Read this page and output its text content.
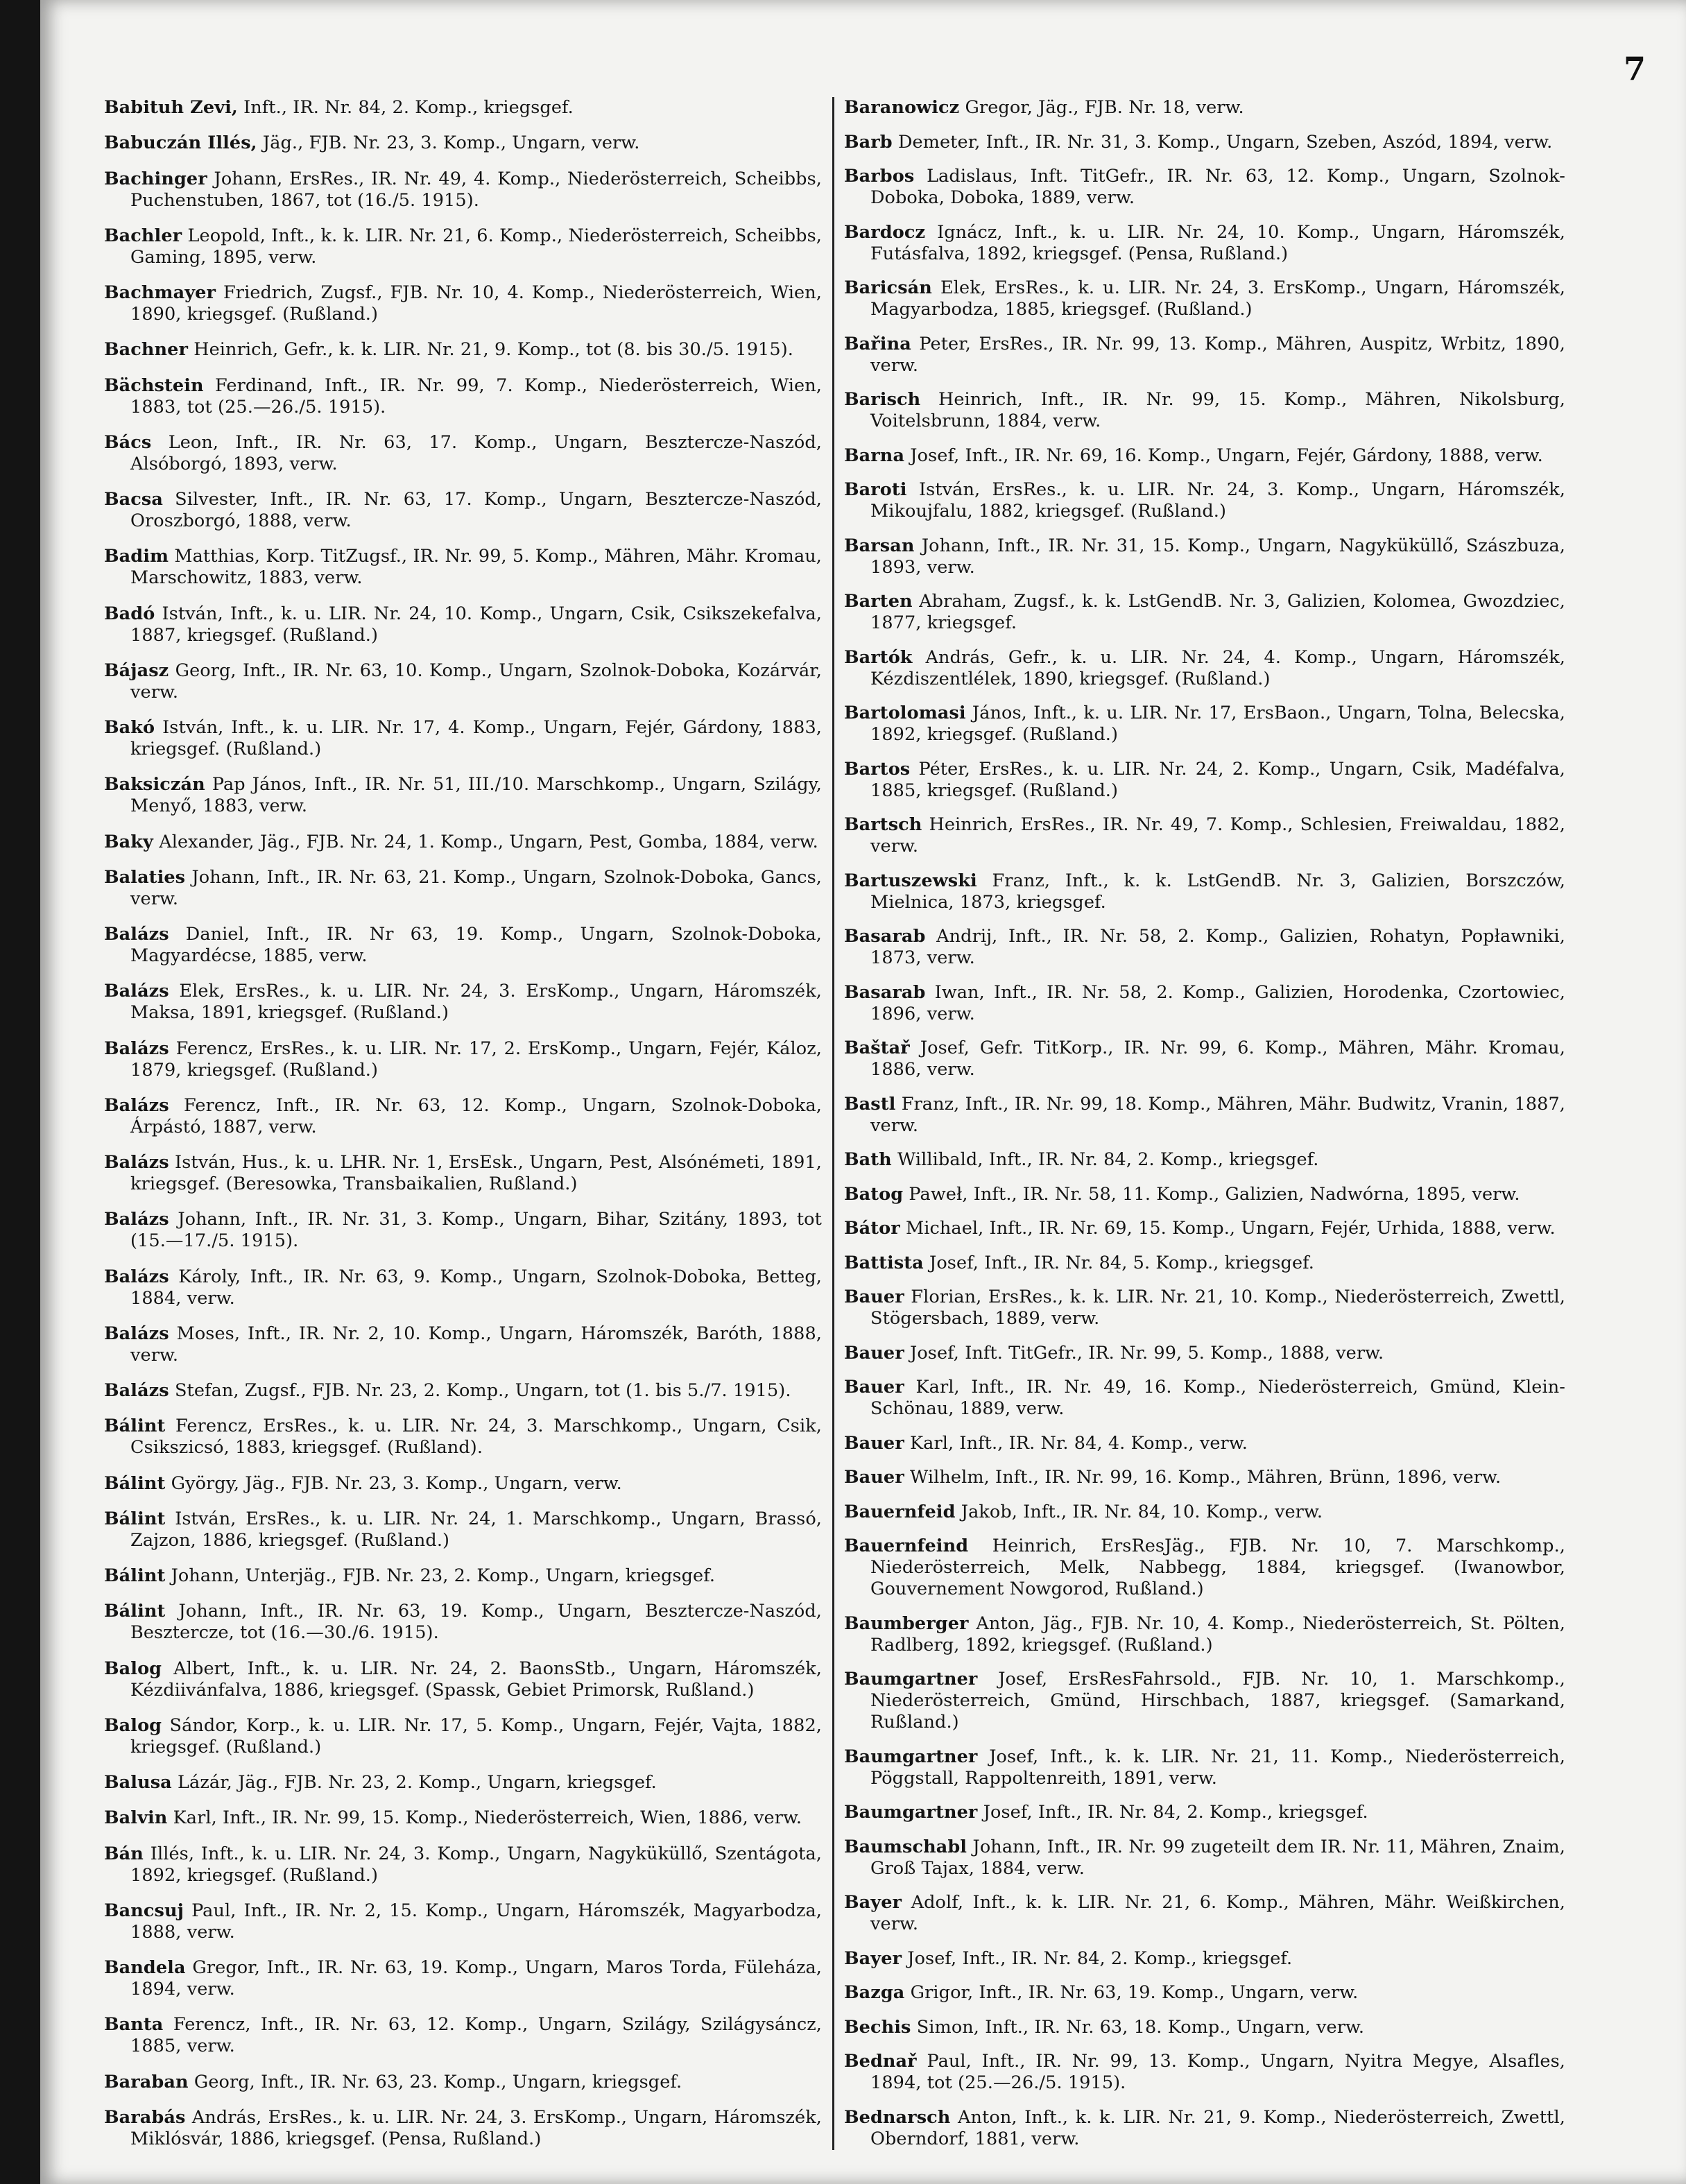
7
Babituh Zevi, Inft., IR. Nr. 84, 2. Komp., kriegsgef.
Babuczán Illés, Jäg., FJB. Nr. 23, 3. Komp., Ungarn, verw.
Bachinger Johann, ErsRes., IR. Nr. 49, 4. Komp., Niederösterreich, Scheibbs, Puchenstuben, 1867, tot (16./5. 1915).
Bachler Leopold, Inft., k. k. LIR. Nr. 21, 6. Komp., Niederösterreich, Scheibbs, Gaming, 1895, verw.
Bachmayer Friedrich, Zugsf., FJB. Nr. 10, 4. Komp., Niederösterreich, Wien, 1890, kriegsgef. (Rußland.)
Bachner Heinrich, Gefr., k. k. LIR. Nr. 21, 9. Komp., tot (8. bis 30./5. 1915).
Bächstein Ferdinand, Inft., IR. Nr. 99, 7. Komp., Niederösterreich, Wien, 1883, tot (25.—26./5. 1915).
Bács Leon, Inft., IR. Nr. 63, 17. Komp., Ungarn, Beszterczе-Naszód, Alsóborgó, 1893, verw.
Bacsa Silvester, Inft., IR. Nr. 63, 17. Komp., Ungarn, Beszterczе-Naszód, Oroszborgó, 1888, verw.
Badim Matthias, Korp. TitZugsf., IR. Nr. 99, 5. Komp., Mähren, Mähr. Kromau, Marschowitz, 1883, verw.
Badó István, Inft., k. u. LIR. Nr. 24, 10. Komp., Ungarn, Csik, Csikszekefalva, 1887, kriegsgef. (Rußland.)
Bájasz Georg, Inft., IR. Nr. 63, 10. Komp., Ungarn, Szolnok-Doboka, Kozárvár, verw.
Bakó István, Inft., k. u. LIR. Nr. 17, 4. Komp., Ungarn, Fejér, Gárdony, 1883, kriegsgef. (Rußland.)
Baksiczán Pap János, Inft., IR. Nr. 51, III./10. Marschkomp., Ungarn, Szilágy, Menyő, 1883, verw.
Baky Alexander, Jäg., FJB. Nr. 24, 1. Komp., Ungarn, Pest, Gomba, 1884, verw.
Balaties Johann, Inft., IR. Nr. 63, 21. Komp., Ungarn, Szolnok-Doboka, Gancs, verw.
Balázs Daniel, Inft., IR. Nr 63, 19. Komp., Ungarn, Szolnok-Doboka, Magyardécse, 1885, verw.
Balázs Elek, ErsRes., k. u. LIR. Nr. 24, 3. ErsKomp., Ungarn, Háromszék, Maksa, 1891, kriegsgef. (Rußland.)
Balázs Ferencz, ErsRes., k. u. LIR. Nr. 17, 2. ErsKomp., Ungarn, Fejér, Káloz, 1879, kriegsgef. (Rußland.)
Balázs Ferencz, Inft., IR. Nr. 63, 12. Komp., Ungarn, Szolnok-Doboka, Árpástó, 1887, verw.
Balázs István, Hus., k. u. LHR. Nr. 1, ErsEsk., Ungarn, Pest, Alsónémeti, 1891, kriegsgef. (Beresowka, Transbaikalien, Rußland.)
Balázs Johann, Inft., IR. Nr. 31, 3. Komp., Ungarn, Bihar, Szitány, 1893, tot (15.—17./5. 1915).
Balázs Károly, Inft., IR. Nr. 63, 9. Komp., Ungarn, Szolnok-Doboka, Betteg, 1884, verw.
Balázs Moses, Inft., IR. Nr. 2, 10. Komp., Ungarn, Háromszék, Baróth, 1888, verw.
Balázs Stefan, Zugsf., FJB. Nr. 23, 2. Komp., Ungarn, tot (1. bis 5./7. 1915).
Bálint Ferencz, ErsRes., k. u. LIR. Nr. 24, 3. Marschkomp., Ungarn, Csik, Csikszicsó, 1883, kriegsgef. (Rußland).
Bálint György, Jäg., FJB. Nr. 23, 3. Komp., Ungarn, verw.
Bálint István, ErsRes., k. u. LIR. Nr. 24, 1. Marschkomp., Ungarn, Brassó, Zajzon, 1886, kriegsgef. (Rußland.)
Bálint Johann, Unterjäg., FJB. Nr. 23, 2. Komp., Ungarn, kriegsgef.
Bálint Johann, Inft., IR. Nr. 63, 19. Komp., Ungarn, Beszterczе-Naszód, Beszterczе, tot (16.—30./6. 1915).
Balog Albert, Inft., k. u. LIR. Nr. 24, 2. BaonsStb., Ungarn, Háromszék, Kézdiivánfalva, 1886, kriegsgef. (Spassk, Gebiet Primorsk, Rußland.)
Balog Sándor, Korp., k. u. LIR. Nr. 17, 5. Komp., Ungarn, Fejér, Vajta, 1882, kriegsgef. (Rußland.)
Balusa Lázár, Jäg., FJB. Nr. 23, 2. Komp., Ungarn, kriegsgef.
Balvin Karl, Inft., IR. Nr. 99, 15. Komp., Niederösterreich, Wien, 1886, verw.
Bán Illés, Inft., k. u. LIR. Nr. 24, 3. Komp., Ungarn, Nagyküküllő, Szentágota, 1892, kriegsgef. (Rußland.)
Bancsuj Paul, Inft., IR. Nr. 2, 15. Komp., Ungarn, Háromszék, Magyarbodza, 1888, verw.
Bandela Gregor, Inft., IR. Nr. 63, 19. Komp., Ungarn, Maros Torda, Füleháza, 1894, verw.
Banta Ferencz, Inft., IR. Nr. 63, 12. Komp., Ungarn, Szilágy, Szilágysáncz, 1885, verw.
Baraban Georg, Inft., IR. Nr. 63, 23. Komp., Ungarn, kriegsgef.
Barabás András, ErsRes., k. u. LIR. Nr. 24, 3. ErsKomp., Ungarn, Háromszék, Miklósvár, 1886, kriegsgef. (Pensa, Rußland.)
Baranowicz Gregor, Jäg., FJB. Nr. 18, verw.
Barb Demeter, Inft., IR. Nr. 31, 3. Komp., Ungarn, Szeben, Aszód, 1894, verw.
Barbos Ladislaus, Inft. TitGefr., IR. Nr. 63, 12. Komp., Ungarn, Szolnok-Doboka, Doboka, 1889, verw.
Bardocz Ignácz, Inft., k. u. LIR. Nr. 24, 10. Komp., Ungarn, Háromszék, Futásfalva, 1892, kriegsgef. (Pensa, Rußland.)
Baricsán Elek, ErsRes., k. u. LIR. Nr. 24, 3. ErsKomp., Ungarn, Háromszék, Magyarbodza, 1885, kriegsgef. (Rußland.)
Bařina Peter, ErsRes., IR. Nr. 99, 13. Komp., Mähren, Auspitz, Wrbitz, 1890, verw.
Barisch Heinrich, Inft., IR. Nr. 99, 15. Komp., Mähren, Nikolsburg, Voitelsbrunn, 1884, verw.
Barna Josef, Inft., IR. Nr. 69, 16. Komp., Ungarn, Fejér, Gárdony, 1888, verw.
Baroti István, ErsRes., k. u. LIR. Nr. 24, 3. Komp., Ungarn, Háromszék, Mikoujfalu, 1882, kriegsgef. (Rußland.)
Barsan Johann, Inft., IR. Nr. 31, 15. Komp., Ungarn, Nagyküküllő, Szászbuza, 1893, verw.
Barten Abraham, Zugsf., k. k. LstGendB. Nr. 3, Galizien, Kolomea, Gwozdziec, 1877, kriegsgef.
Bartók András, Gefr., k. u. LIR. Nr. 24, 4. Komp., Ungarn, Háromszék, Kézdiszentlélek, 1890, kriegsgef. (Rußland.)
Bartolomasi János, Inft., k. u. LIR. Nr. 17, ErsBaon., Ungarn, Tolna, Belecska, 1892, kriegsgef. (Rußland.)
Bartos Péter, ErsRes., k. u. LIR. Nr. 24, 2. Komp., Ungarn, Csik, Madéfalva, 1885, kriegsgef. (Rußland.)
Bartsch Heinrich, ErsRes., IR. Nr. 49, 7. Komp., Schlesien, Freiwaldau, 1882, verw.
Bartuszewski Franz, Inft., k. k. LstGendB. Nr. 3, Galizien, Borszczów, Mielnica, 1873, kriegsgef.
Basarab Andrij, Inft., IR. Nr. 58, 2. Komp., Galizien, Rohatyn, Popławniki, 1873, verw.
Basarab Iwan, Inft., IR. Nr. 58, 2. Komp., Galizien, Horodenka, Czortowiec, 1896, verw.
Baštař Josef, Gefr. TitKorp., IR. Nr. 99, 6. Komp., Mähren, Mähr. Kromau, 1886, verw.
Bastl Franz, Inft., IR. Nr. 99, 18. Komp., Mähren, Mähr. Budwitz, Vranin, 1887, verw.
Bath Willibald, Inft., IR. Nr. 84, 2. Komp., kriegsgef.
Batog Paweł, Inft., IR. Nr. 58, 11. Komp., Galizien, Nadwórna, 1895, verw.
Bátor Michael, Inft., IR. Nr. 69, 15. Komp., Ungarn, Fejér, Urhida, 1888, verw.
Battista Josef, Inft., IR. Nr. 84, 5. Komp., kriegsgef.
Bauer Florian, ErsRes., k. k. LIR. Nr. 21, 10. Komp., Niederösterreich, Zwettl, Stögersbach, 1889, verw.
Bauer Josef, Inft. TitGefr., IR. Nr. 99, 5. Komp., 1888, verw.
Bauer Karl, Inft., IR. Nr. 49, 16. Komp., Niederösterreich, Gmünd, Klein-Schönau, 1889, verw.
Bauer Karl, Inft., IR. Nr. 84, 4. Komp., verw.
Bauer Wilhelm, Inft., IR. Nr. 99, 16. Komp., Mähren, Brünn, 1896, verw.
Bauernfeid Jakob, Inft., IR. Nr. 84, 10. Komp., verw.
Bauernfeind Heinrich, ErsResJäg., FJB. Nr. 10, 7. Marschkomp., Niederösterreich, Melk, Nabbegg, 1884, kriegsgef. (Iwanowbor, Gouvernement Nowgorod, Rußland.)
Baumberger Anton, Jäg., FJB. Nr. 10, 4. Komp., Niederösterreich, St. Pölten, Radlberg, 1892, kriegsgef. (Rußland.)
Baumgartner Josef, ErsResFahrsold., FJB. Nr. 10, 1. Marschkomp., Niederösterreich, Gmünd, Hirschbach, 1887, kriegsgef. (Samarkand, Rußland.)
Baumgartner Josef, Inft., k. k. LIR. Nr. 21, 11. Komp., Niederösterreich, Pöggstall, Rappoltenreith, 1891, verw.
Baumgartner Josef, Inft., IR. Nr. 84, 2. Komp., kriegsgef.
Baumschabl Johann, Inft., IR. Nr. 99 zugeteilt dem IR. Nr. 11, Mähren, Znaim, Groß Tajax, 1884, verw.
Bayer Adolf, Inft., k. k. LIR. Nr. 21, 6. Komp., Mähren, Mähr. Weißkirchen, verw.
Bayer Josef, Inft., IR. Nr. 84, 2. Komp., kriegsgef.
Bazga Grigor, Inft., IR. Nr. 63, 19. Komp., Ungarn, verw.
Bechis Simon, Inft., IR. Nr. 63, 18. Komp., Ungarn, verw.
Bednař Paul, Inft., IR. Nr. 99, 13. Komp., Ungarn, Nyitra Megye, Alsafles, 1894, tot (25.—26./5. 1915).
Bednarsch Anton, Inft., k. k. LIR. Nr. 21, 9. Komp., Niederösterreich, Zwettl, Oberndorf, 1881, verw.
